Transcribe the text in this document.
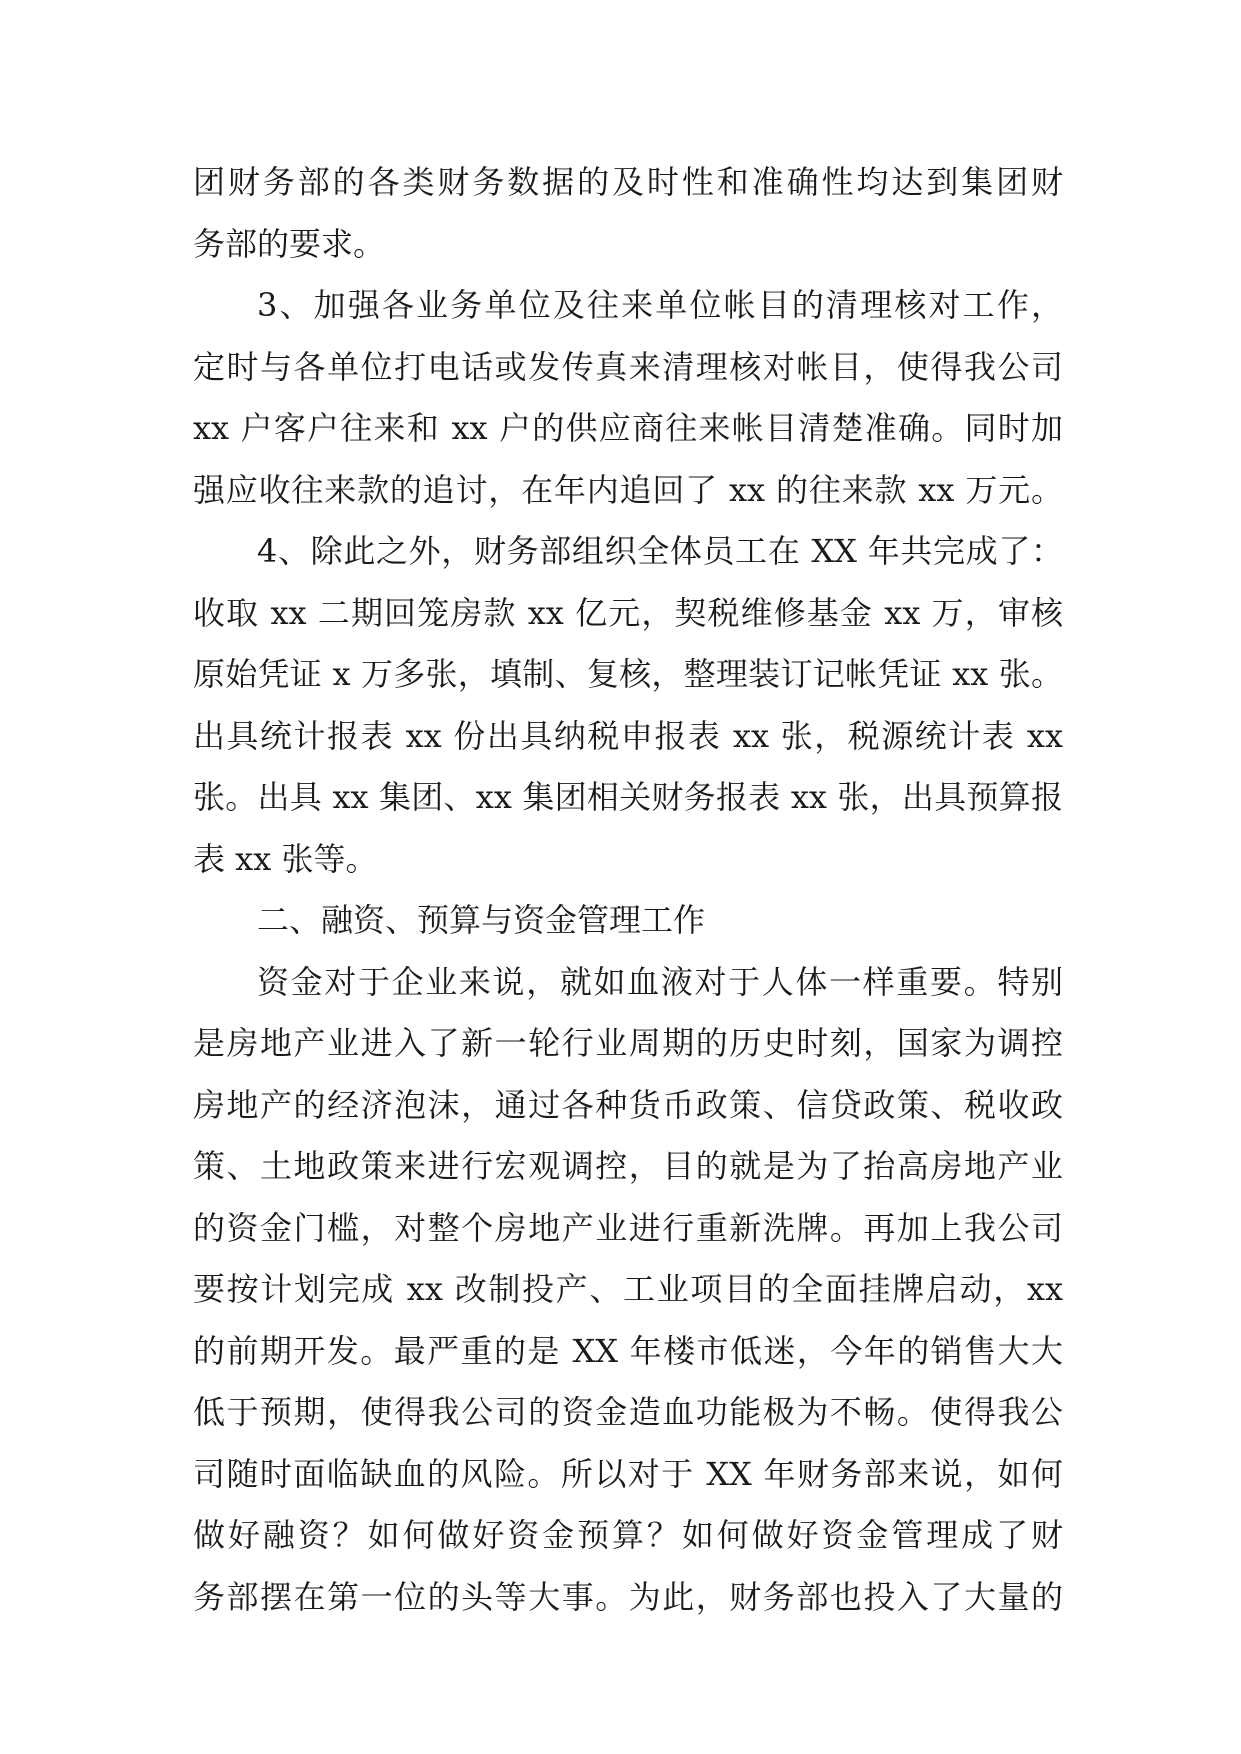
团财务部的各类财务数据的及时性和准确性均达到集团财
务部的要求。
3、加强各业务单位及往来单位帐目的清理核对工作，
定时与各单位打电话或发传真来清理核对帐目，使得我公司
xx 户客户往来和 xx 户的供应商往来帐目清楚准确。同时加
强应收往来款的追讨，在年内追回了 xx 的往来款 xx 万元。
4、除此之外，财务部组织全体员工在 XX 年共完成了：
收取 xx 二期回笼房款 xx 亿元，契税维修基金 xx 万，审核
原始凭证 x 万多张，填制、复核，整理装订记帐凭证 xx 张。
出具统计报表 xx 份出具纳税申报表 xx 张，税源统计表 xx
张。出具 xx 集团、xx 集团相关财务报表 xx 张，出具预算报
表 xx 张等。
二、融资、预算与资金管理工作
资金对于企业来说，就如血液对于人体一样重要。特别
是房地产业进入了新一轮行业周期的历史时刻，国家为调控
房地产的经济泡沫，通过各种货币政策、信贷政策、税收政
策、土地政策来进行宏观调控，目的就是为了抬高房地产业
的资金门槛，对整个房地产业进行重新洗牌。再加上我公司
要按计划完成 xx 改制投产、工业项目的全面挂牌启动，xx
的前期开发。最严重的是 XX 年楼市低迷，今年的销售大大
低于预期，使得我公司的资金造血功能极为不畅。使得我公
司随时面临缺血的风险。所以对于 XX 年财务部来说，如何
做好融资？如何做好资金预算？如何做好资金管理成了财
务部摆在第一位的头等大事。为此，财务部也投入了大量的
